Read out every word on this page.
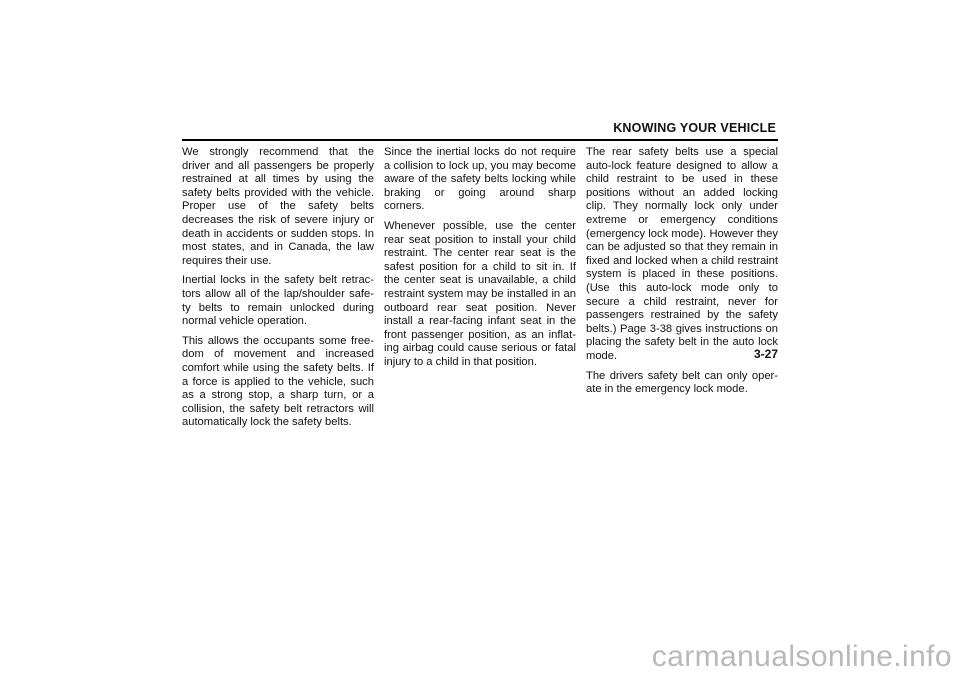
KNOWING YOUR VEHICLE

We strongly recommend that the driver and all passengers be properly restrained at all times by using the safety belts provided with the vehicle. Proper use of the safety belts decreases the risk of severe injury or death in accidents or sudden stops. In most states, and in Canada, the law requires their use.

Inertial locks in the safety belt retrac-tors allow all of the lap/shoulder safe-ty belts to remain unlocked during normal vehicle operation.

This allows the occupants some free-dom of movement and increased comfort while using the safety belts. If a force is applied to the vehicle, such as a strong stop, a sharp turn, or a collision, the safety belt retractors will automatically lock the safety belts.

Since the inertial locks do not require a collision to lock up, you may become aware of the safety belts locking while braking or going around sharp corners.

Whenever possible, use the center rear seat position to install your child restraint. The center rear seat is the safest position for a child to sit in. If the center seat is unavailable, a child restraint system may be installed in an outboard rear seat position. Never install a rear-facing infant seat in the front passenger position, as an inflat-ing airbag could cause serious or fatal injury to a child in that position.

The rear safety belts use a special auto-lock feature designed to allow a child restraint to be used in these positions without an added locking clip. They normally lock only under extreme or emergency conditions (emergency lock mode). However they can be adjusted so that they remain in fixed and locked when a child restraint system is placed in these positions. (Use this auto-lock mode only to secure a child restraint, never for passengers restrained by the safety belts.) Page 3-38 gives instructions on placing the safety belt in the auto lock mode.

The drivers safety belt can only oper-ate in the emergency lock mode.

3-27
carmanualsonline.info
